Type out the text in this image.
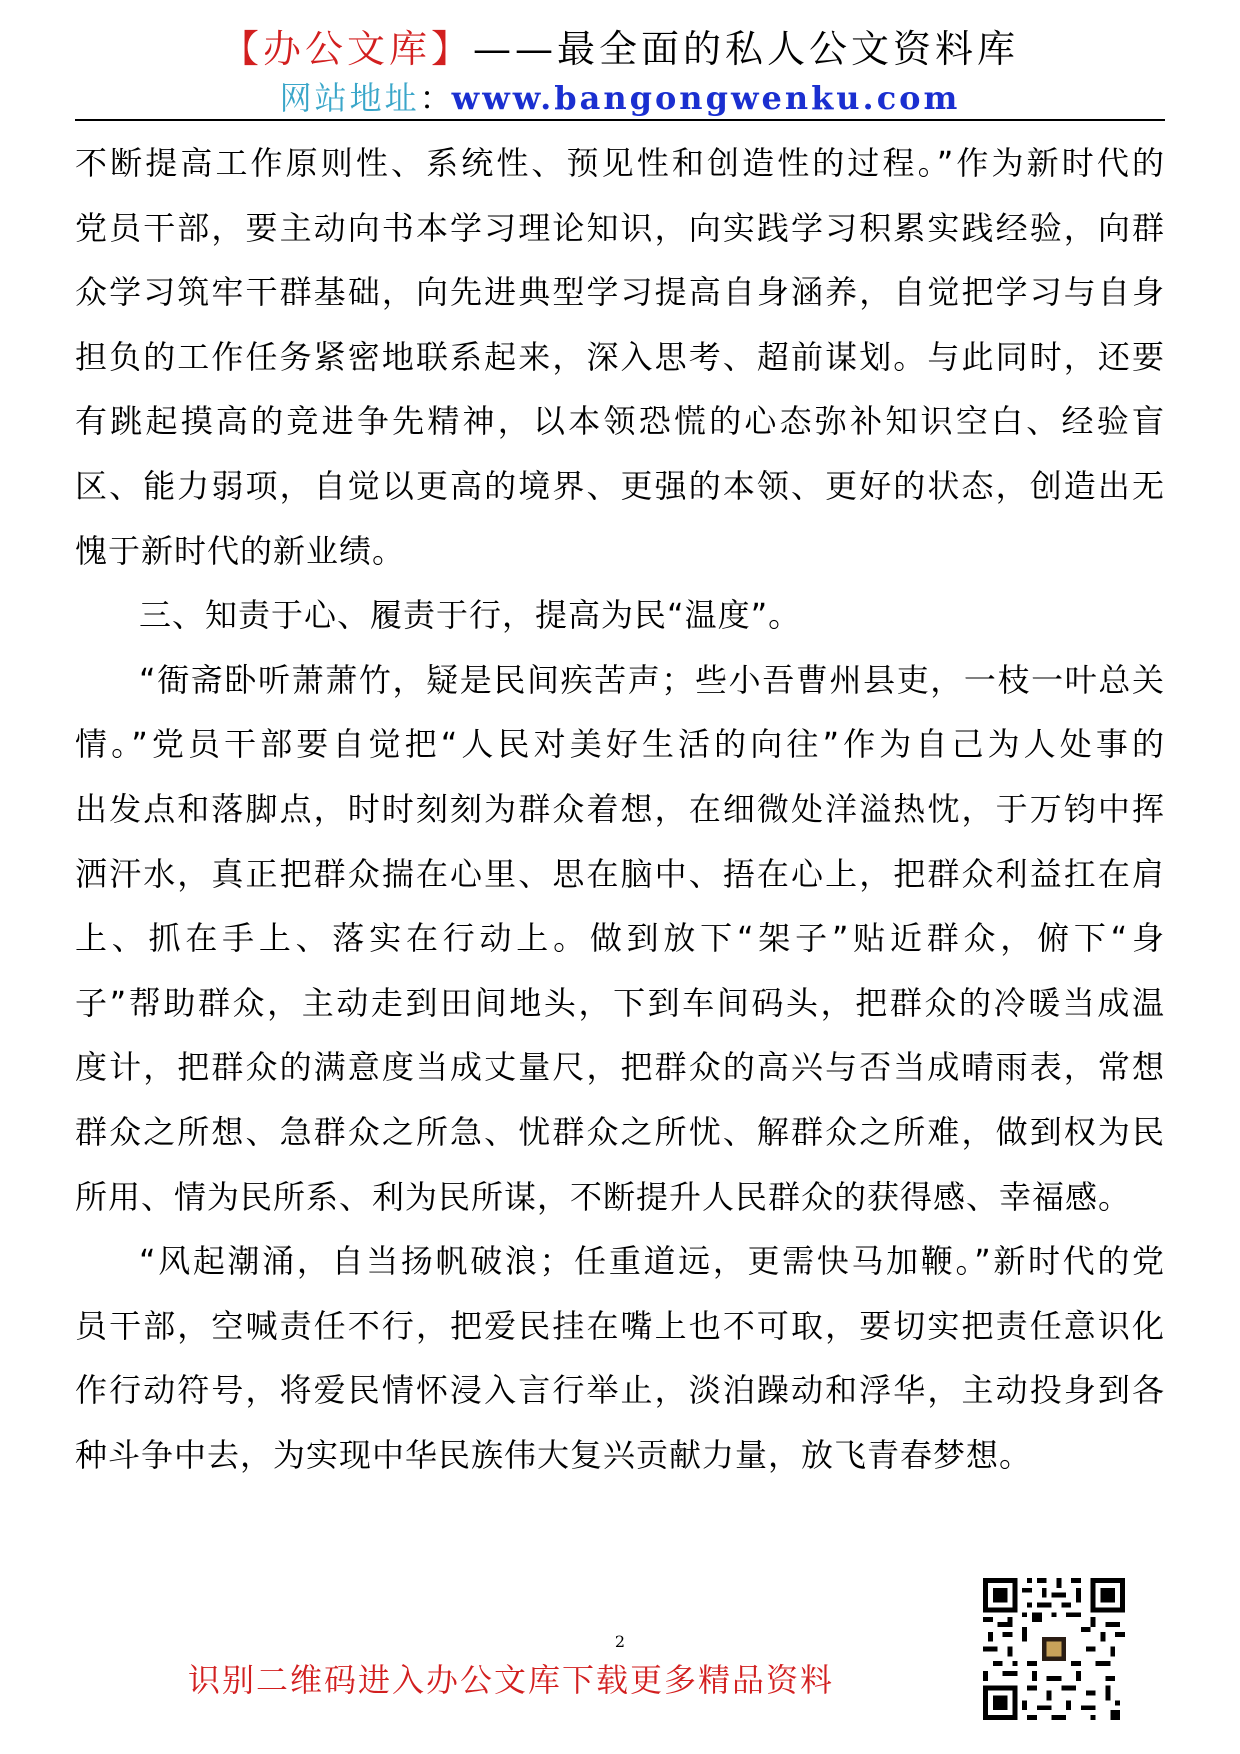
【办公文库】——最全面的私人公文资料库
网站地址：www.bangongwenku.com
不断提高工作原则性、系统性、预见性和创造性的过程。”作为新时代的
党员干部，要主动向书本学习理论知识，向实践学习积累实践经验，向群
众学习筑牢干群基础，向先进典型学习提高自身涵养，自觉把学习与自身
担负的工作任务紧密地联系起来，深入思考、超前谋划。与此同时，还要
有跳起摸高的竞进争先精神，以本领恐慌的心态弥补知识空白、经验盲
区、能力弱项，自觉以更高的境界、更强的本领、更好的状态，创造出无
愧于新时代的新业绩。
三、知责于心、履责于行，提高为民“温度”。
“衙斋卧听萧萧竹，疑是民间疾苦声；些小吾曹州县吏，一枝一叶总关
情。”党员干部要自觉把“人民对美好生活的向往”作为自己为人处事的
出发点和落脚点，时时刻刻为群众着想，在细微处洋溢热忱，于万钧中挥
洒汗水，真正把群众揣在心里、思在脑中、捂在心上，把群众利益扛在肩
上、抓在手上、落实在行动上。做到放下“架子”贴近群众，俯下“身
子”帮助群众，主动走到田间地头，下到车间码头，把群众的冷暖当成温
度计，把群众的满意度当成丈量尺，把群众的高兴与否当成晴雨表，常想
群众之所想、急群众之所急、忧群众之所忧、解群众之所难，做到权为民
所用、情为民所系、利为民所谋，不断提升人民群众的获得感、幸福感。
“风起潮涌，自当扬帆破浪；任重道远，更需快马加鞭。”新时代的党
员干部，空喊责任不行，把爱民挂在嘴上也不可取，要切实把责任意识化
作行动符号，将爱民情怀浸入言行举止，淡泊躁动和浮华，主动投身到各
种斗争中去，为实现中华民族伟大复兴贡献力量，放飞青春梦想。
2
识别二维码进入办公文库下载更多精品资料
